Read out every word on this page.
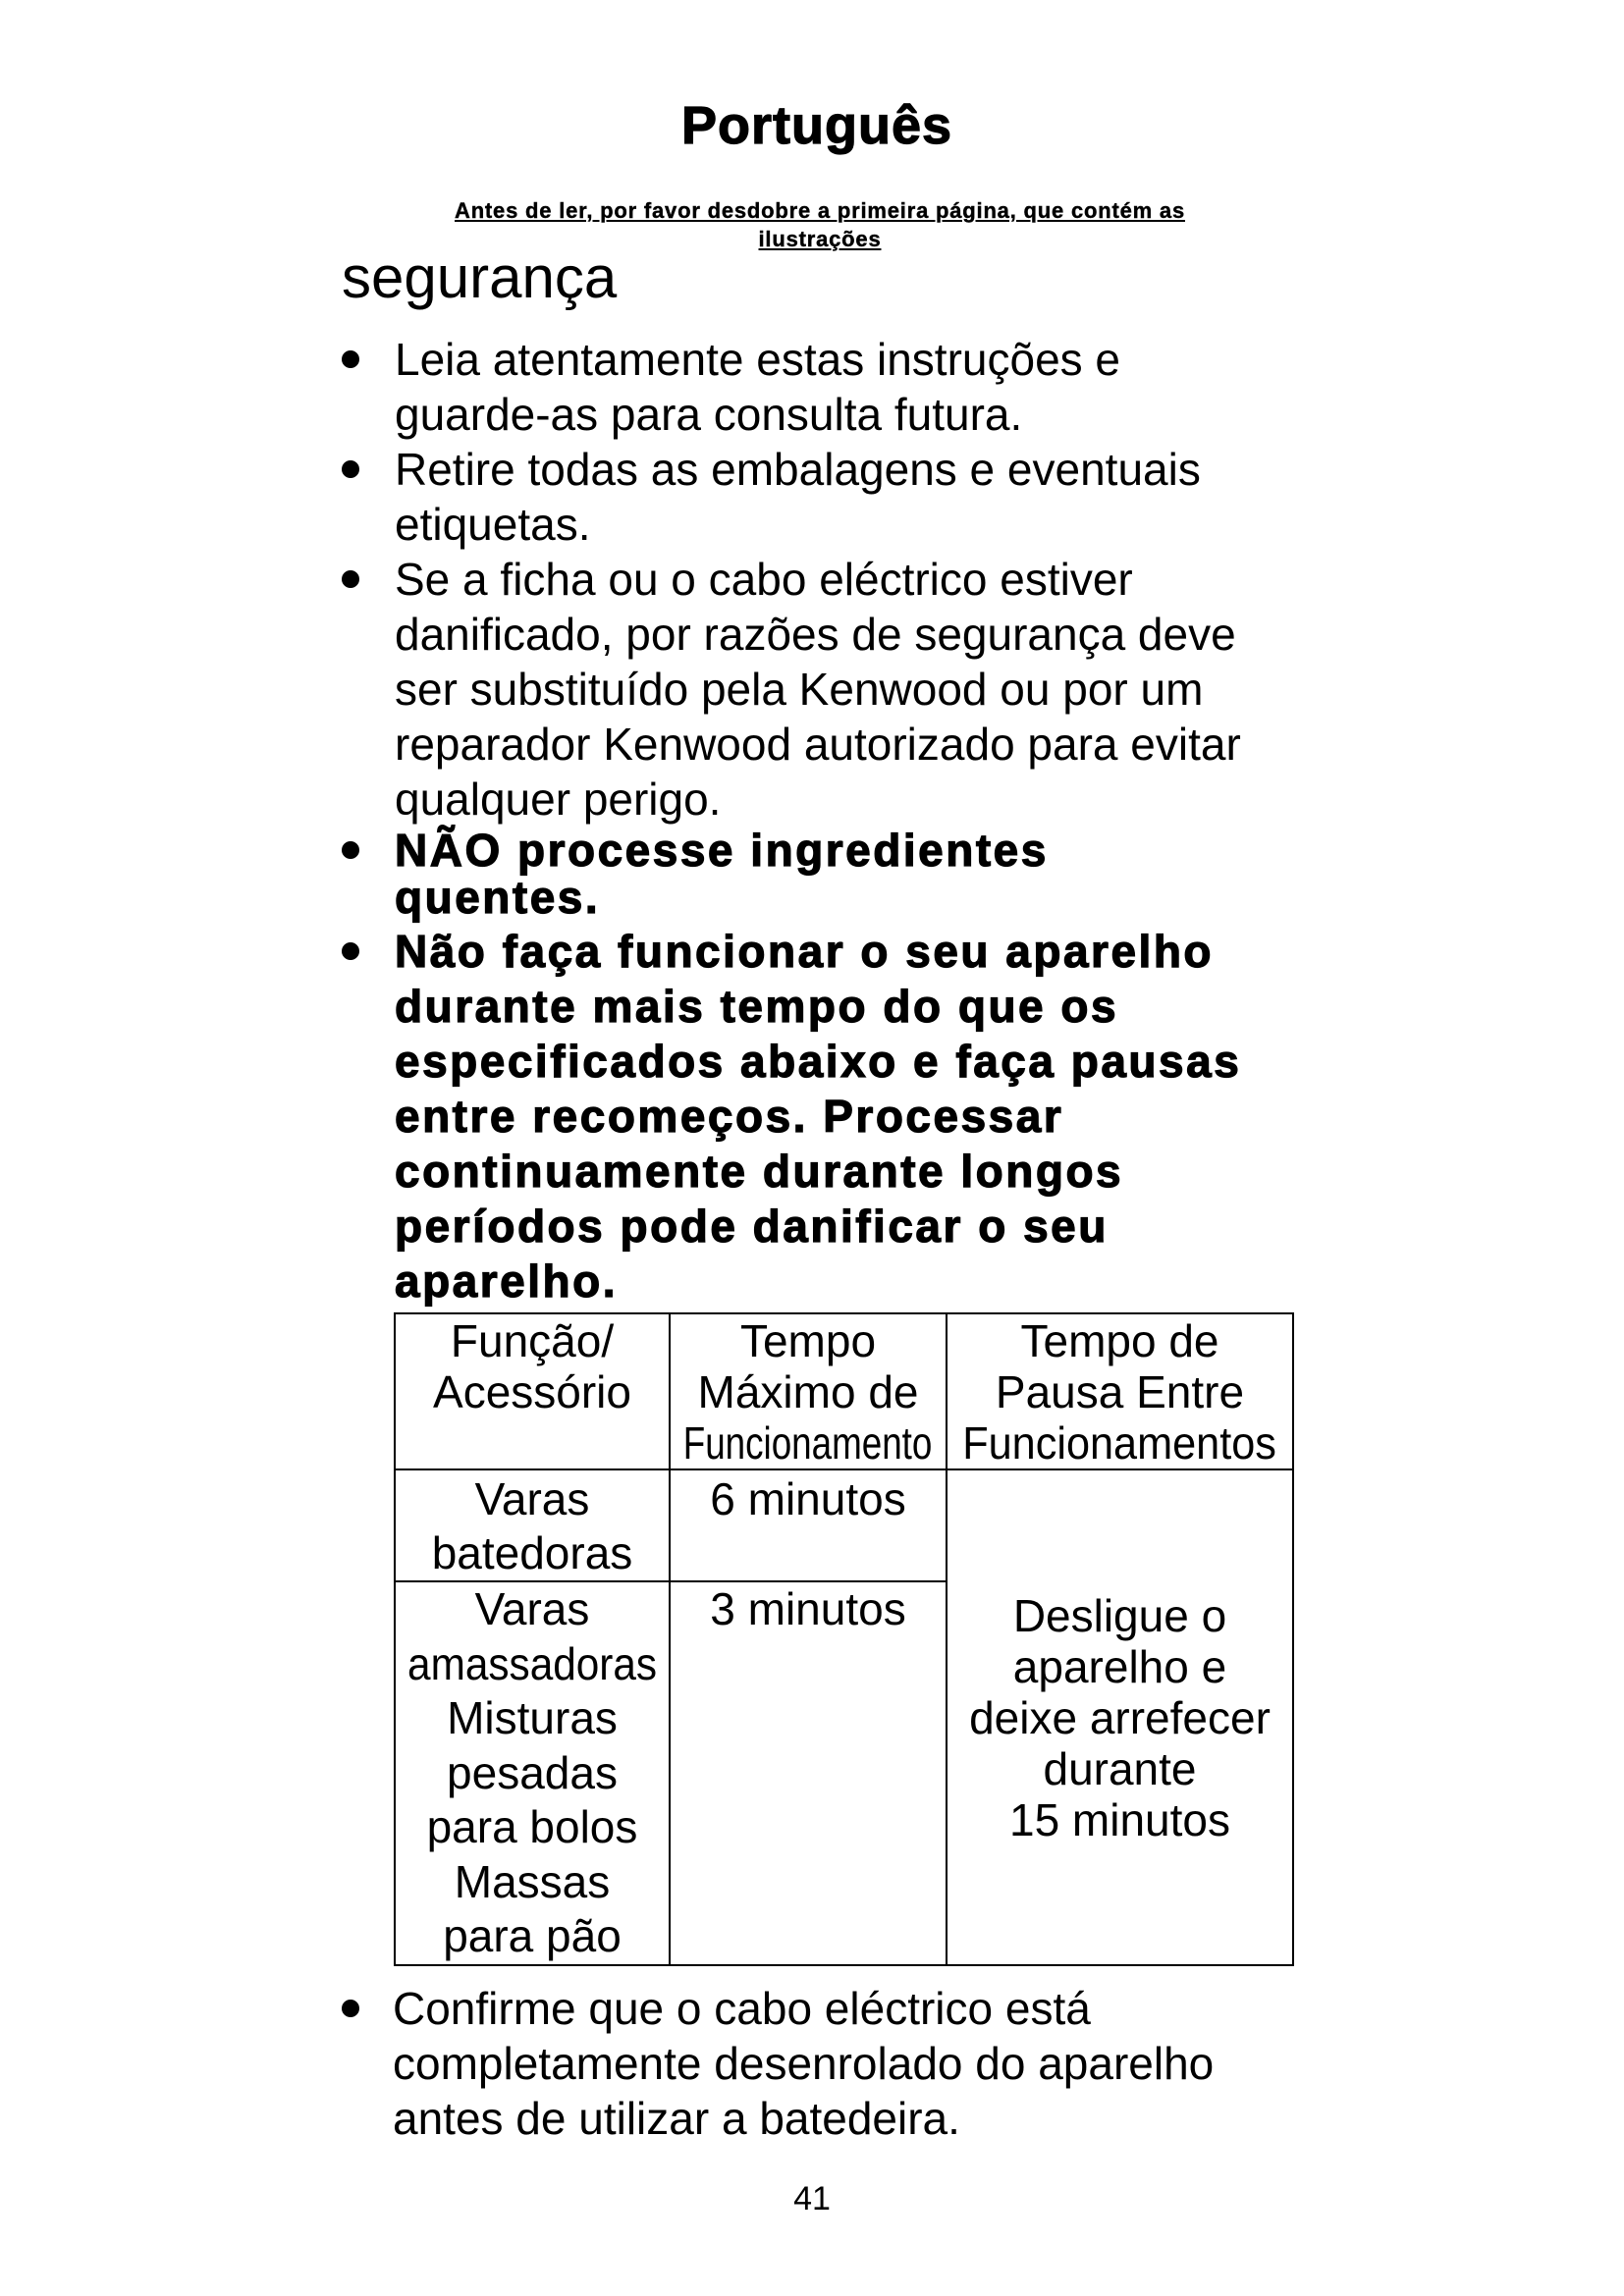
Português
Antes de ler, por favor desdobre a primeira página, que contém as
ilustrações
segurança
Leia atentamente estas instruções e
guarde-as para consulta futura.
Retire todas as embalagens e eventuais
etiquetas.
Se a ficha ou o cabo eléctrico estiver
danificado, por razões de segurança deve
ser substituído pela Kenwood ou por um
reparador Kenwood autorizado para evitar
qualquer perigo.
NÃO processe ingredientes
quentes.
Não faça funcionar o seu aparelho
durante mais tempo do que os
especificados abaixo e faça pausas
entre recomeços. Processar
continuamente durante longos
períodos pode danificar o seu
aparelho.
Função/
Acessório
Tempo
Máximo de
Funcionamento
Tempo de
Pausa Entre
Funcionamentos
Varas
batedoras
6 minutos
Desligue o
aparelho e
deixe arrefecer
durante
15 minutos
Varas
amassadoras
Misturas
pesadas
para bolos
Massas
para pão
3 minutos
Confirme que o cabo eléctrico está
completamente desenrolado do aparelho
antes de utilizar a batedeira.
41
